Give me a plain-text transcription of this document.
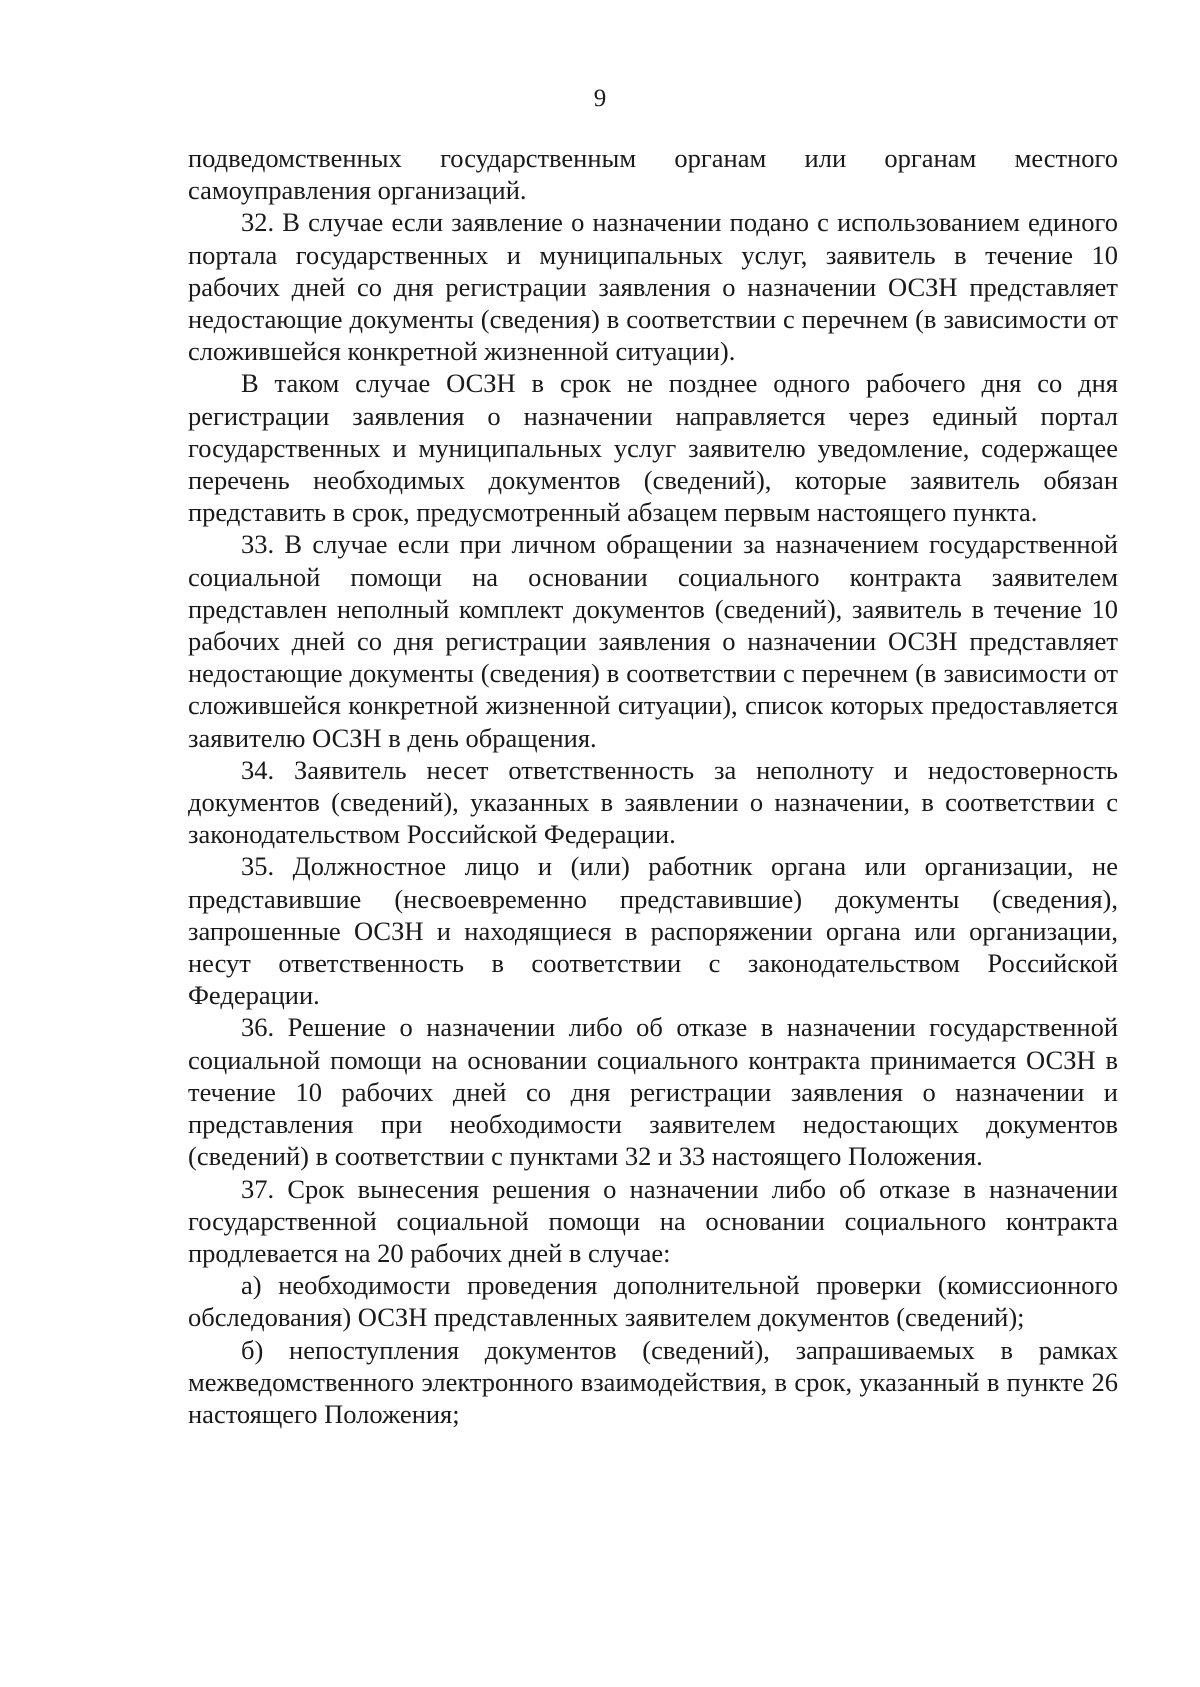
9

подведомственных государственным органам или органам местного самоуправления организаций.

32. В случае если заявление о назначении подано с использованием единого портала государственных и муниципальных услуг, заявитель в течение 10 рабочих дней со дня регистрации заявления о назначении ОСЗН представляет недостающие документы (сведения) в соответствии с перечнем (в зависимости от сложившейся конкретной жизненной ситуации).

В таком случае ОСЗН в срок не позднее одного рабочего дня со дня регистрации заявления о назначении направляется через единый портал государственных и муниципальных услуг заявителю уведомление, содержащее перечень необходимых документов (сведений), которые заявитель обязан представить в срок, предусмотренный абзацем первым настоящего пункта.

33. В случае если при личном обращении за назначением государственной социальной помощи на основании социального контракта заявителем представлен неполный комплект документов (сведений), заявитель в течение 10 рабочих дней со дня регистрации заявления о назначении ОСЗН представляет недостающие документы (сведения) в соответствии с перечнем (в зависимости от сложившейся конкретной жизненной ситуации), список которых предоставляется заявителю ОСЗН в день обращения.

34. Заявитель несет ответственность за неполноту и недостоверность документов (сведений), указанных в заявлении о назначении, в соответствии с законодательством Российской Федерации.

35. Должностное лицо и (или) работник органа или организации, не представившие (несвоевременно представившие) документы (сведения), запрошенные ОСЗН и находящиеся в распоряжении органа или организации, несут ответственность в соответствии с законодательством Российской Федерации.

36. Решение о назначении либо об отказе в назначении государственной социальной помощи на основании социального контракта принимается ОСЗН в течение 10 рабочих дней со дня регистрации заявления о назначении и представления при необходимости заявителем недостающих документов (сведений) в соответствии с пунктами 32 и 33 настоящего Положения.

37. Срок вынесения решения о назначении либо об отказе в назначении государственной социальной помощи на основании социального контракта продлевается на 20 рабочих дней в случае:

а) необходимости проведения дополнительной проверки (комиссионного обследования) ОСЗН представленных заявителем документов (сведений);

б) непоступления документов (сведений), запрашиваемых в рамках межведомственного электронного взаимодействия, в срок, указанный в пункте 26 настоящего Положения;
